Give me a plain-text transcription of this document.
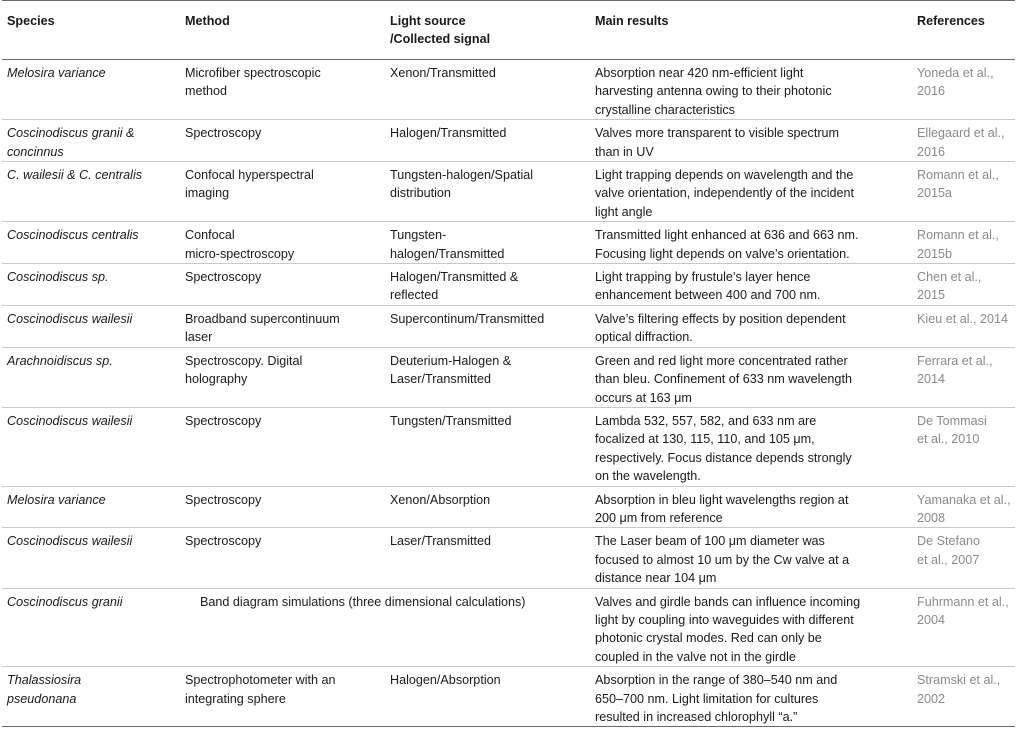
Species	Method	Light source
/Collected signal	Main results	References

Melosira variance	Microfiber spectroscopic
method	Xenon/Transmitted	Absorption near 420 nm-efficient light
harvesting antenna owing to their photonic
crystalline characteristics	Yoneda et al.,
2016

Coscinodiscus granii &
concinnus	Spectroscopy	Halogen/Transmitted	Valves more transparent to visible spectrum
than in UV	Ellegaard et al.,
2016

C. wailesii & C. centralis	Confocal hyperspectral
imaging	Tungsten-halogen/Spatial
distribution	Light trapping depends on wavelength and the
valve orientation, independently of the incident
light angle	Romann et al.,
2015a

Coscinodiscus centralis	Confocal
micro-spectroscopy	Tungsten-
halogen/Transmitted	Transmitted light enhanced at 636 and 663 nm.
Focusing light depends on valve’s orientation.	Romann et al.,
2015b

Coscinodiscus sp.	Spectroscopy	Halogen/Transmitted &
reflected	Light trapping by frustule’s layer hence
enhancement between 400 and 700 nm.	Chen et al.,
2015

Coscinodiscus wailesii	Broadband supercontinuum
laser	Supercontinum/Transmitted	Valve’s filtering effects by position dependent
optical diffraction.	Kieu et al., 2014

Arachnoidiscus sp.	Spectroscopy. Digital
holography	Deuterium-Halogen &
Laser/Transmitted	Green and red light more concentrated rather
than bleu. Confinement of 633 nm wavelength
occurs at 163 μm	Ferrara et al.,
2014

Coscinodiscus wailesii	Spectroscopy	Tungsten/Transmitted	Lambda 532, 557, 582, and 633 nm are
focalized at 130, 115, 110, and 105 μm,
respectively. Focus distance depends strongly
on the wavelength.	De Tommasi
et al., 2010

Melosira variance	Spectroscopy	Xenon/Absorption	Absorption in bleu light wavelengths region at
200 μm from reference	Yamanaka et al.,
2008

Coscinodiscus wailesii	Spectroscopy	Laser/Transmitted	The Laser beam of 100 μm diameter was
focused to almost 10 um by the Cw valve at a
distance near 104 μm	De Stefano
et al., 2007

Coscinodiscus granii	Band diagram simulations (three dimensional calculations)		Valves and girdle bands can influence incoming
light by coupling into waveguides with different
photonic crystal modes. Red can only be
coupled in the valve not in the girdle	Fuhrmann et al.,
2004

Thalassiosira
pseudonana	Spectrophotometer with an
integrating sphere	Halogen/Absorption	Absorption in the range of 380–540 nm and
650–700 nm. Light limitation for cultures
resulted in increased chlorophyll “a.”	Stramski et al.,
2002
